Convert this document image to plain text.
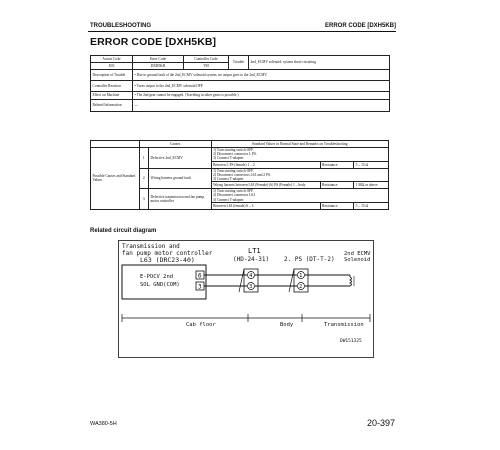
TROUBLESHOOTING	ERROR CODE [DXH5KB]
ERROR CODE [DXH5KB]
Action Code	Error Code	Controller Code	Trouble	2nd_ECMV solenoid: system short-circuiting
E03	DXH5KB	TM		
Description of Trouble	• Due to ground fault of the 2nd_ECMV solenoid system, no output goes to the 2nd_ECMV.			
Controller Reaction	• Turns output to the 2nd_ECMV solenoid OFF.			
Effect on Machine	• The 2nd gear cannot be engaged. (Traveling in other gears is possible.)			
Related Information	—			
	Causes		Standard Values in Normal State and Remarks on Troubleshooting		
Possible Causes and Standard Values	1	Defective 2nd_ECMV	1) Turn starting switch OFF.
2) Disconnect connector L PS.
3) Connect T-adapter.		

			Between L PS (female) 1 – 2	Resistance	5 – 15 Ω
	2	Wiring harness ground fault	1) Turn starting switch OFF.
2) Disconnect connectors L63 and 2 PS.
3) Connect T-adapter.		

			Wiring harness between L63 (Female) (6) PS (Female) 1 – body	Resistance	1 MΩ or above
	3	Defective transmission and fan pump motor controller	1) Turn starting switch OFF.
2) Disconnect connector L63.
3) Connect T-adapter.		

			Between L63 (female) 6 – 3	Resistance	5 – 15 Ω
Related circuit diagram
Transmission and
fan pump motor controller	LT1
(HD-24-31)
L63 (DRC23-40)	2. PS (DT-T-2)
2nd ECMV
Solenoid
E-POCV 2nd
SOL GND(COM)
Cab floor	Body	Transmission
DW151325
6
3
4
3
1
2
WA380-5H	20-397
